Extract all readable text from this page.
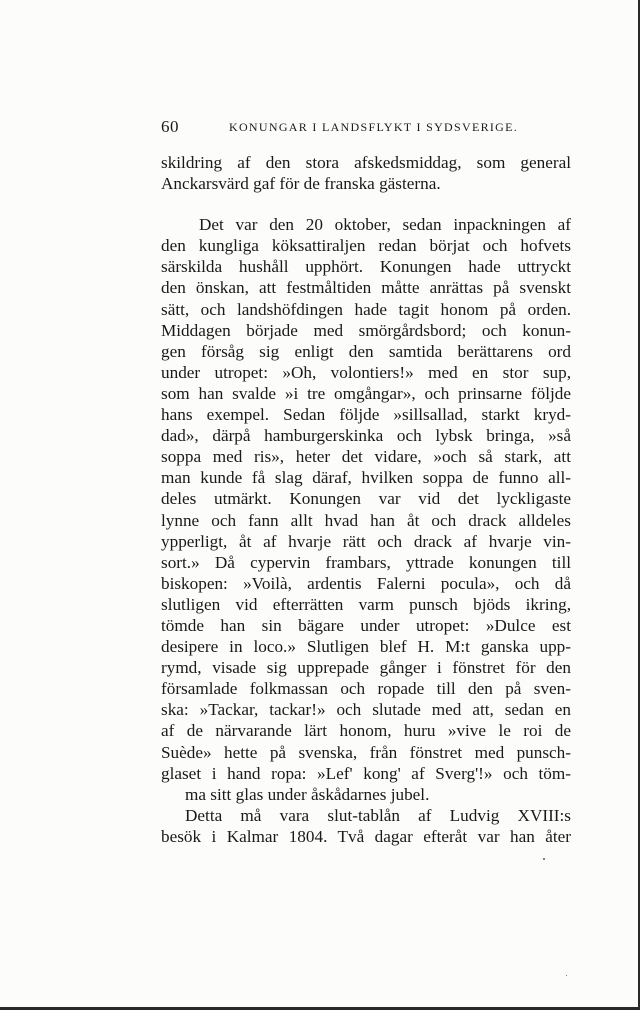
60	KONUNGAR I LANDSFLYKT I SYDSVERIGE.
skildring af den stora afskedsmiddag, som general
Anckarsvärd gaf för de franska gästerna.
Det var den 20 oktober, sedan inpackningen af
den kungliga köksattiraljen redan börjat och hofvets
särskilda hushåll upphört. Konungen hade uttryckt
den önskan, att festmåltiden måtte anrättas på svenskt
sätt, och landshöfdingen hade tagit honom på orden.
Middagen började med smörgårdsbord; och konun-
gen försåg sig enligt den samtida berättarens ord
under utropet: »Oh, volontiers!» med en stor sup,
som han svalde »i tre omgångar», och prinsarne följde
hans exempel. Sedan följde »sillsallad, starkt kryd-
dad», därpå hamburgerskinka och lybsk bringa, »så
soppa med ris», heter det vidare, »och så stark, att
man kunde få slag däraf, hvilken soppa de funno all-
deles utmärkt. Konungen var vid det lyckligaste
lynne och fann allt hvad han åt och drack alldeles
ypperligt, åt af hvarje rätt och drack af hvarje vin-
sort.» Då cypervin frambars, yttrade konungen till
biskopen: »Voilà, ardentis Falerni pocula», och då
slutligen vid efterrätten varm punsch bjöds ikring,
tömde han sin bägare under utropet: »Dulce est
desipere in loco.» Slutligen blef H. M:t ganska upp-
rymd, visade sig upprepade gånger i fönstret för den
församlade folkmassan och ropade till den på sven-
ska: »Tackar, tackar!» och slutade med att, sedan en
af de närvarande lärt honom, huru »vive le roi de
Suède» hette på svenska, från fönstret med punsch-
glaset i hand ropa: »Lef' kong' af Sverg'!» och töm-
ma sitt glas under åskådarnes jubel.
Detta må vara slut-tablån af Ludvig XVIII:s
besök i Kalmar 1804. Två dagar efteråt var han åter
